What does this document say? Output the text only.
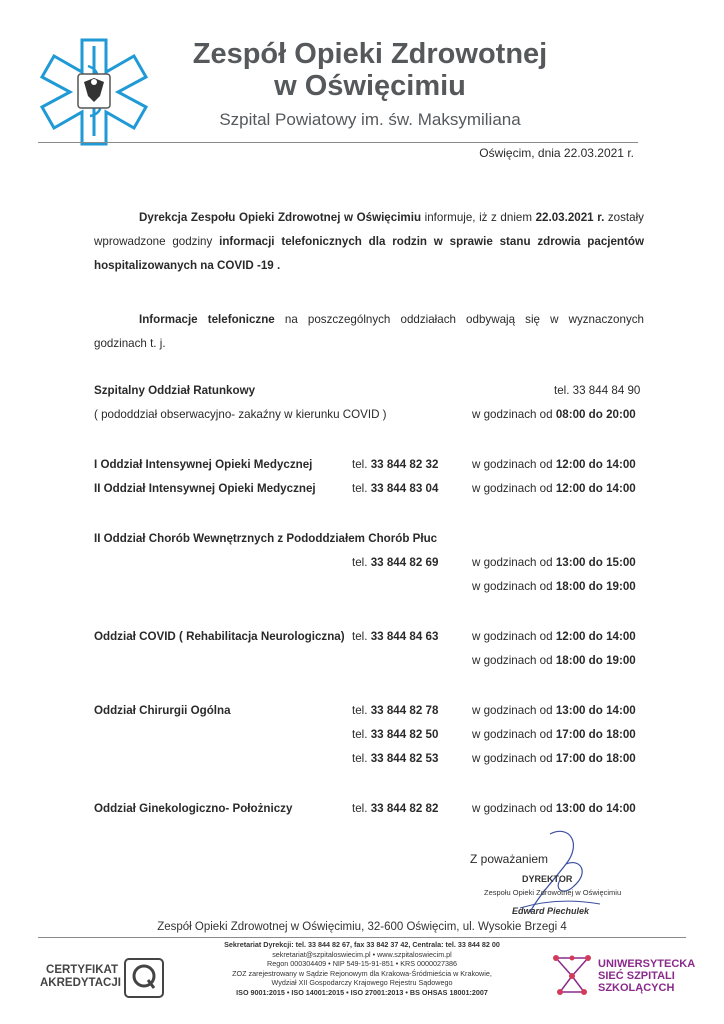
Zespół Opieki Zdrowotnej
w Oświęcimiu
Szpital Powiatowy im. św. Maksymiliana
Oświęcim, dnia 22.03.2021 r.
Dyrekcja Zespołu Opieki Zdrowotnej w Oświęcimiu informuje, iż z dniem 22.03.2021 r. zostały wprowadzone godziny informacji telefonicznych dla rodzin w sprawie stanu zdrowia pacjentów hospitalizowanych na COVID -19 .
Informacje telefoniczne na poszczególnych oddziałach odbywają się w wyznaczonych godzinach t. j.
Szpitalny Oddział Ratunkowy	tel. 33 844 84 90
( pododdział obserwacyjno- zakaźny w kierunku COVID )	w godzinach od 08:00 do 20:00
I Oddział Intensywnej Opieki Medycznej	tel. 33 844 82 32	w godzinach od 12:00 do 14:00
II Oddział Intensywnej Opieki Medycznej	tel. 33 844 83 04	w godzinach od 12:00 do 14:00
II Oddział Chorób Wewnętrznych z Pododdziałem Chorób Płuc
tel. 33 844 82 69	w godzinach od 13:00 do 15:00
w godzinach od 18:00 do 19:00
Oddział COVID ( Rehabilitacja Neurologiczna) tel. 33 844 84 63	w godzinach od 12:00 do 14:00
w godzinach od 18:00 do 19:00
Oddział Chirurgii Ogólna	tel. 33 844 82 78	w godzinach od 13:00 do 14:00
tel. 33 844 82 50	w godzinach od 17:00 do 18:00
tel. 33 844 82 53	w godzinach od 17:00 do 18:00
Oddział Ginekologiczno- Położniczy	tel. 33 844 82 82	w godzinach od 13:00 do 14:00
Z poważaniem
DYREKTOR
Zespołu Opieki Zdrowotnej w Oświęcimiu
Edward Piechulek
Zespół Opieki Zdrowotnej w Oświęcimiu, 32-600 Oświęcim, ul. Wysokie Brzegi 4
Sekretariat Dyrekcji: tel. 33 844 82 67, fax 33 842 37 42, Centrala: tel. 33 844 82 00
sekretariat@szpitaloswiecim.pl • www.szpitaloswiecim.pl
Regon 000304409 • NIP 549-15-91-851 • KRS 0000027386
ZOZ zarejestrowany w Sądzie Rejonowym dla Krakowa-Śródmieścia w Krakowie,
Wydział XII Gospodarczy Krajowego Rejestru Sądowego
ISO 9001:2015 • ISO 14001:2015 • ISO 27001:2013 • BS OHSAS 18001:2007
CERTYFIKAT
AKREDYTACJI
UNIWERSYTECKA
SIEĆ SZPITALI
SZKOLĄCYCH
